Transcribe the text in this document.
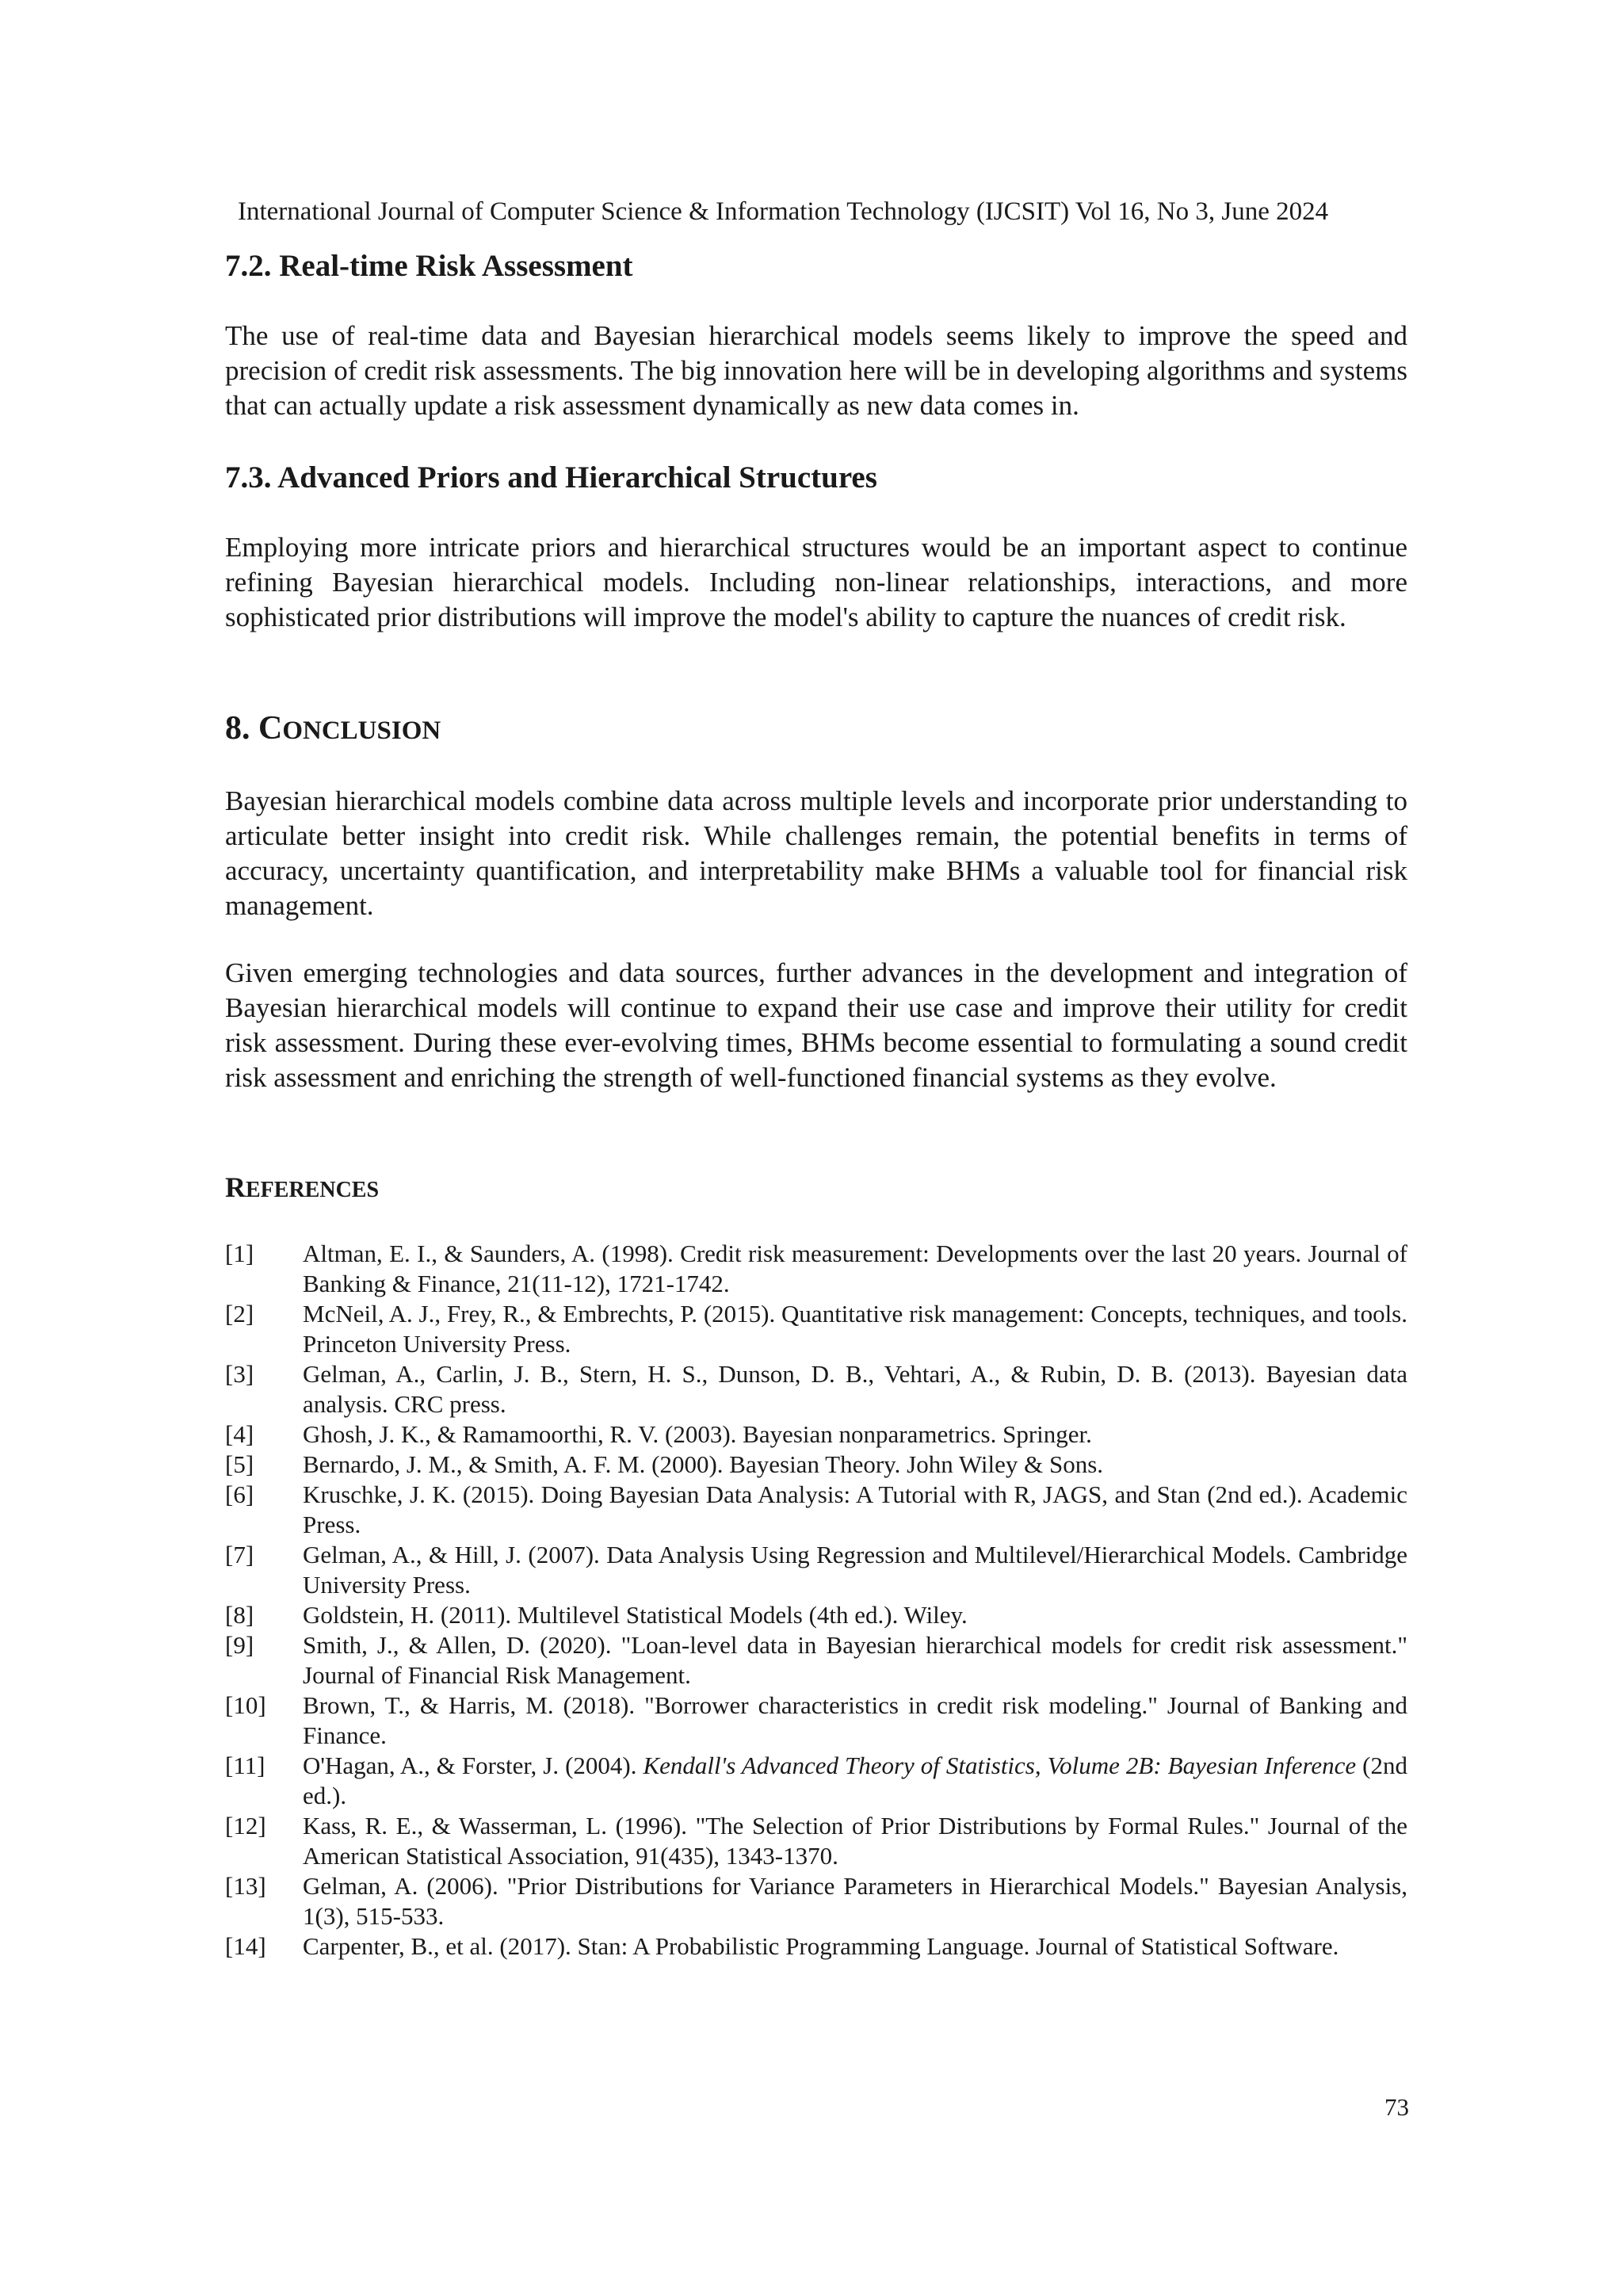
International Journal of Computer Science & Information Technology (IJCSIT) Vol 16, No 3, June 2024
7.2. Real-time Risk Assessment

The use of real-time data and Bayesian hierarchical models seems likely to improve the speed and precision of credit risk assessments. The big innovation here will be in developing algorithms and systems that can actually update a risk assessment dynamically as new data comes in.

7.3. Advanced Priors and Hierarchical Structures

Employing more intricate priors and hierarchical structures would be an important aspect to continue refining Bayesian hierarchical models. Including non-linear relationships, interactions, and more sophisticated prior distributions will improve the model's ability to capture the nuances of credit risk.

8. CONCLUSION

Bayesian hierarchical models combine data across multiple levels and incorporate prior understanding to articulate better insight into credit risk. While challenges remain, the potential benefits in terms of accuracy, uncertainty quantification, and interpretability make BHMs a valuable tool for financial risk management.

Given emerging technologies and data sources, further advances in the development and integration of Bayesian hierarchical models will continue to expand their use case and improve their utility for credit risk assessment. During these ever-evolving times, BHMs become essential to formulating a sound credit risk assessment and enriching the strength of well-functioned financial systems as they evolve.

REFERENCES
[1]	Altman, E. I., & Saunders, A. (1998). Credit risk measurement: Developments over the last 20 years. Journal of Banking & Finance, 21(11-12), 1721-1742.
[2]	McNeil, A. J., Frey, R., & Embrechts, P. (2015). Quantitative risk management: Concepts, techniques, and tools. Princeton University Press.
[3]	Gelman, A., Carlin, J. B., Stern, H. S., Dunson, D. B., Vehtari, A., & Rubin, D. B. (2013). Bayesian data analysis. CRC press.
[4]	Ghosh, J. K., & Ramamoorthi, R. V. (2003). Bayesian nonparametrics. Springer.
[5]	Bernardo, J. M., & Smith, A. F. M. (2000). Bayesian Theory. John Wiley & Sons.
[6]	Kruschke, J. K. (2015). Doing Bayesian Data Analysis: A Tutorial with R, JAGS, and Stan (2nd ed.). Academic Press.
[7]	Gelman, A., & Hill, J. (2007). Data Analysis Using Regression and Multilevel/Hierarchical Models. Cambridge University Press.
[8]	Goldstein, H. (2011). Multilevel Statistical Models (4th ed.). Wiley.
[9]	Smith, J., & Allen, D. (2020). "Loan-level data in Bayesian hierarchical models for credit risk assessment." Journal of Financial Risk Management.
[10]	Brown, T., & Harris, M. (2018). "Borrower characteristics in credit risk modeling." Journal of Banking and Finance.
[11]	O'Hagan, A., & Forster, J. (2004). Kendall's Advanced Theory of Statistics, Volume 2B: Bayesian Inference (2nd ed.).
[12]	Kass, R. E., & Wasserman, L. (1996). "The Selection of Prior Distributions by Formal Rules." Journal of the American Statistical Association, 91(435), 1343-1370.
[13]	Gelman, A. (2006). "Prior Distributions for Variance Parameters in Hierarchical Models." Bayesian Analysis, 1(3), 515-533.
[14]	Carpenter, B., et al. (2017). Stan: A Probabilistic Programming Language. Journal of Statistical Software.
73
